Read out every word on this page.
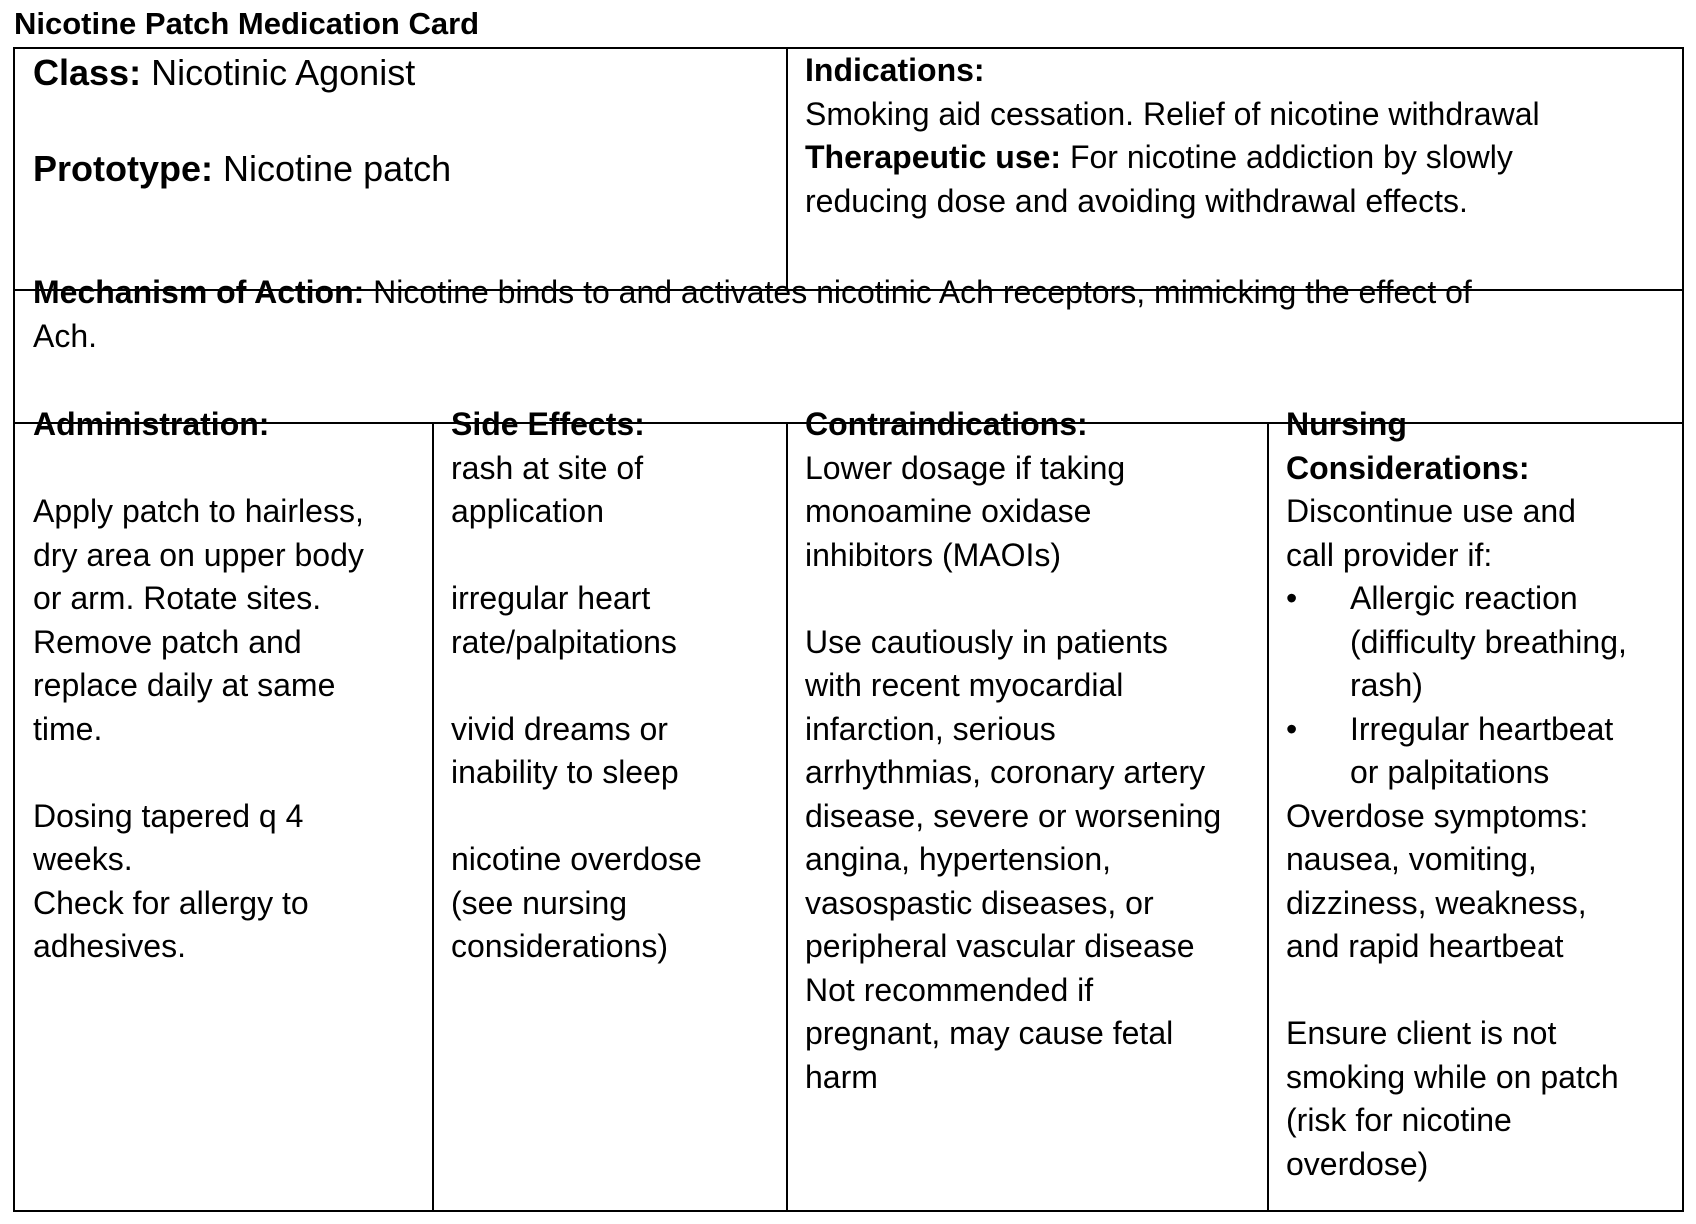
Nicotine Patch Medication Card

Class: Nicotinic Agonist

Prototype: Nicotine patch

Indications:

Smoking aid cessation. Relief of nicotine withdrawal

Therapeutic use: For nicotine addiction by slowly

reducing dose and avoiding withdrawal effects.

Mechanism of Action: Nicotine binds to and activates nicotinic Ach receptors, mimicking the effect of

Ach.

Administration:

Apply patch to hairless,

dry area on upper body

or arm. Rotate sites.

Remove patch and

replace daily at same

time.

Dosing tapered q 4

weeks.

Check for allergy to

adhesives.

Side Effects:

rash at site of

application

irregular heart

rate/palpitations

vivid dreams or

inability to sleep

nicotine overdose

(see nursing

considerations)

Contraindications:

Lower dosage if taking

monoamine oxidase

inhibitors (MAOIs)

Use cautiously in patients

with recent myocardial

infarction, serious

arrhythmias, coronary artery

disease, severe or worsening

angina, hypertension,

vasospastic diseases, or

peripheral vascular disease

Not recommended if

pregnant, may cause fetal

harm

Nursing

Considerations:

Discontinue use and

call provider if:

• Allergic reaction

(difficulty breathing,

rash)

• Irregular heartbeat

or palpitations

Overdose symptoms:

nausea, vomiting,

dizziness, weakness,

and rapid heartbeat

Ensure client is not

smoking while on patch

(risk for nicotine

overdose)
